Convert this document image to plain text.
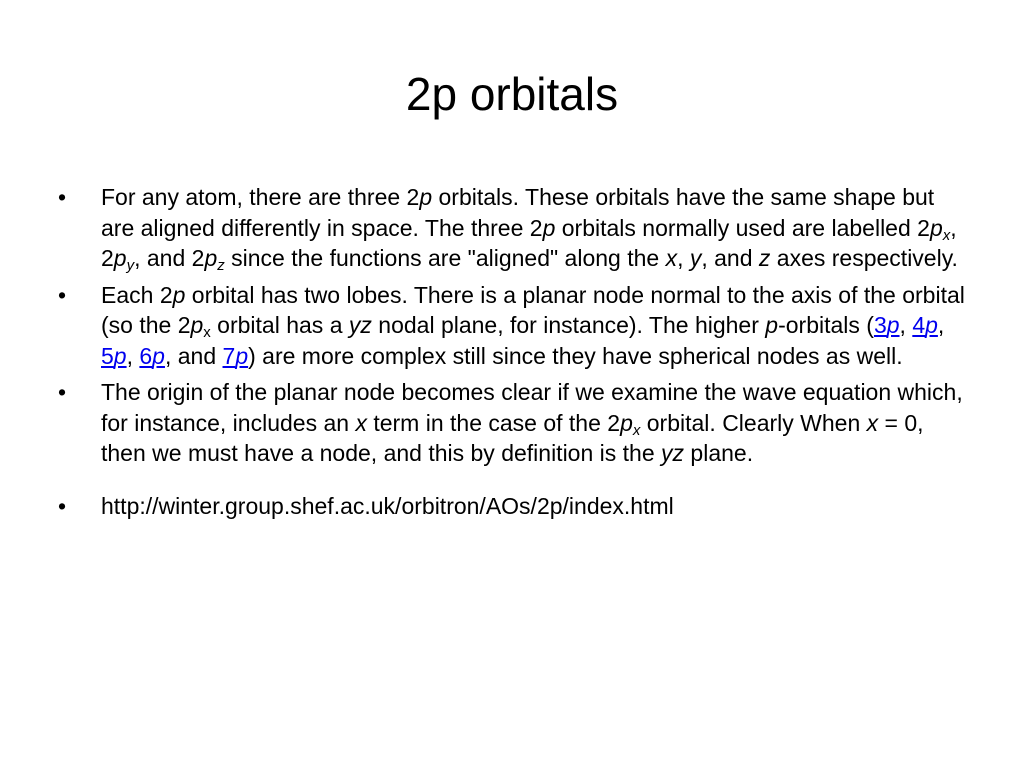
2p orbitals
• For any atom, there are three 2p orbitals. These orbitals have the same shape but are aligned differently in space. The three 2p orbitals normally used are labelled $2p_x$, $2p_y$, and $2p_z$ since the functions are "aligned" along the x, y, and z axes respectively.
• Each 2p orbital has two lobes. There is a planar node normal to the axis of the orbital (so the $2p_x$ orbital has a yz nodal plane, for instance). The higher p-orbitals (3p, 4p, 5p, 6p, and 7p) are more complex still since they have spherical nodes as well.
• The origin of the planar node becomes clear if we examine the wave equation which, for instance, includes an x term in the case of the $2p_x$ orbital. Clearly When x = 0, then we must have a node, and this by definition is the yz plane.
• http://winter.group.shef.ac.uk/orbitron/AOs/2p/index.html
